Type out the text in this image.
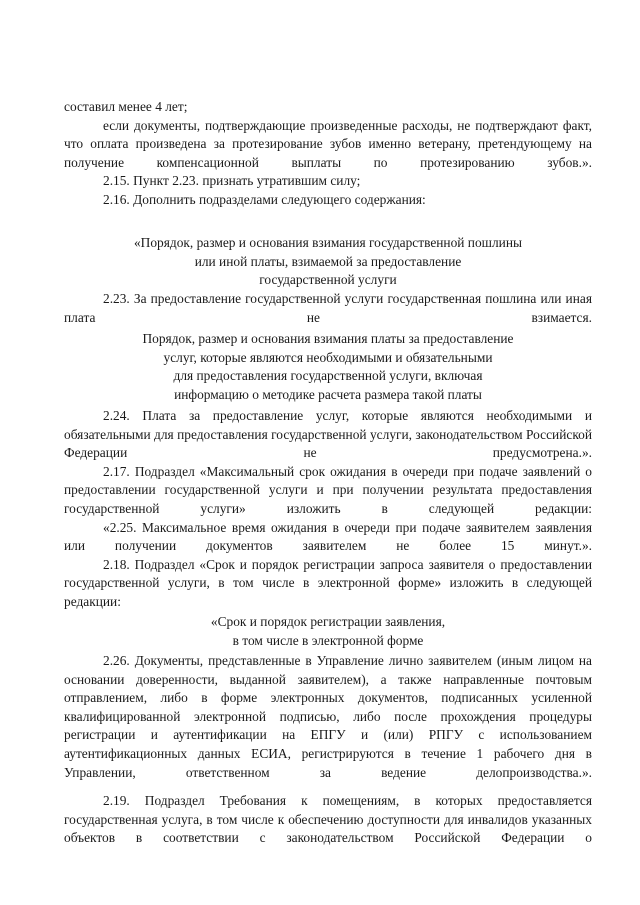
составил менее 4 лет;

если документы, подтверждающие произведенные расходы, не подтверждают факт, что оплата произведена за протезирование зубов именно ветерану, претендующему на получение компенсационной выплаты по протезированию зубов.».

2.15. Пункт 2.23. признать утратившим силу;

2.16. Дополнить подразделами следующего содержания:

«Порядок, размер и основания взимания государственной пошлины

или иной платы, взимаемой за предоставление

государственной услуги

2.23. За предоставление государственной услуги государственная пошлина или иная плата не взимается.

Порядок, размер и основания взимания платы за предоставление

услуг, которые являются необходимыми и обязательными

для предоставления государственной услуги, включая

информацию о методике расчета размера такой платы

2.24. Плата за предоставление услуг, которые являются необходимыми и обязательными для предоставления государственной услуги, законодательством Российской Федерации не предусмотрена.».

2.17. Подраздел «Максимальный срок ожидания в очереди при подаче заявлений о предоставлении государственной услуги и при получении результата предоставления государственной услуги» изложить в следующей редакции:

«2.25. Максимальное время ожидания в очереди при подаче заявителем заявления или получении документов заявителем не более 15 минут.».

2.18. Подраздел «Срок и порядок регистрации запроса заявителя о предоставлении государственной услуги, в том числе в электронной форме» изложить в следующей редакции:

«Срок и порядок регистрации заявления,

в том числе в электронной форме

2.26. Документы, представленные в Управление лично заявителем (иным лицом на основании доверенности, выданной заявителем), а также направленные почтовым отправлением, либо в форме электронных документов, подписанных усиленной квалифицированной электронной подписью, либо после прохождения процедуры регистрации и аутентификации на ЕПГУ и (или) РПГУ с использованием аутентификационных данных ЕСИА, регистрируются в течение 1 рабочего дня в Управлении, ответственном за ведение делопроизводства.».

2.19. Подраздел Требования к помещениям, в которых предоставляется государственная услуга, в том числе к обеспечению доступности для инвалидов указанных объектов в соответствии с законодательством Российской Федерации о
